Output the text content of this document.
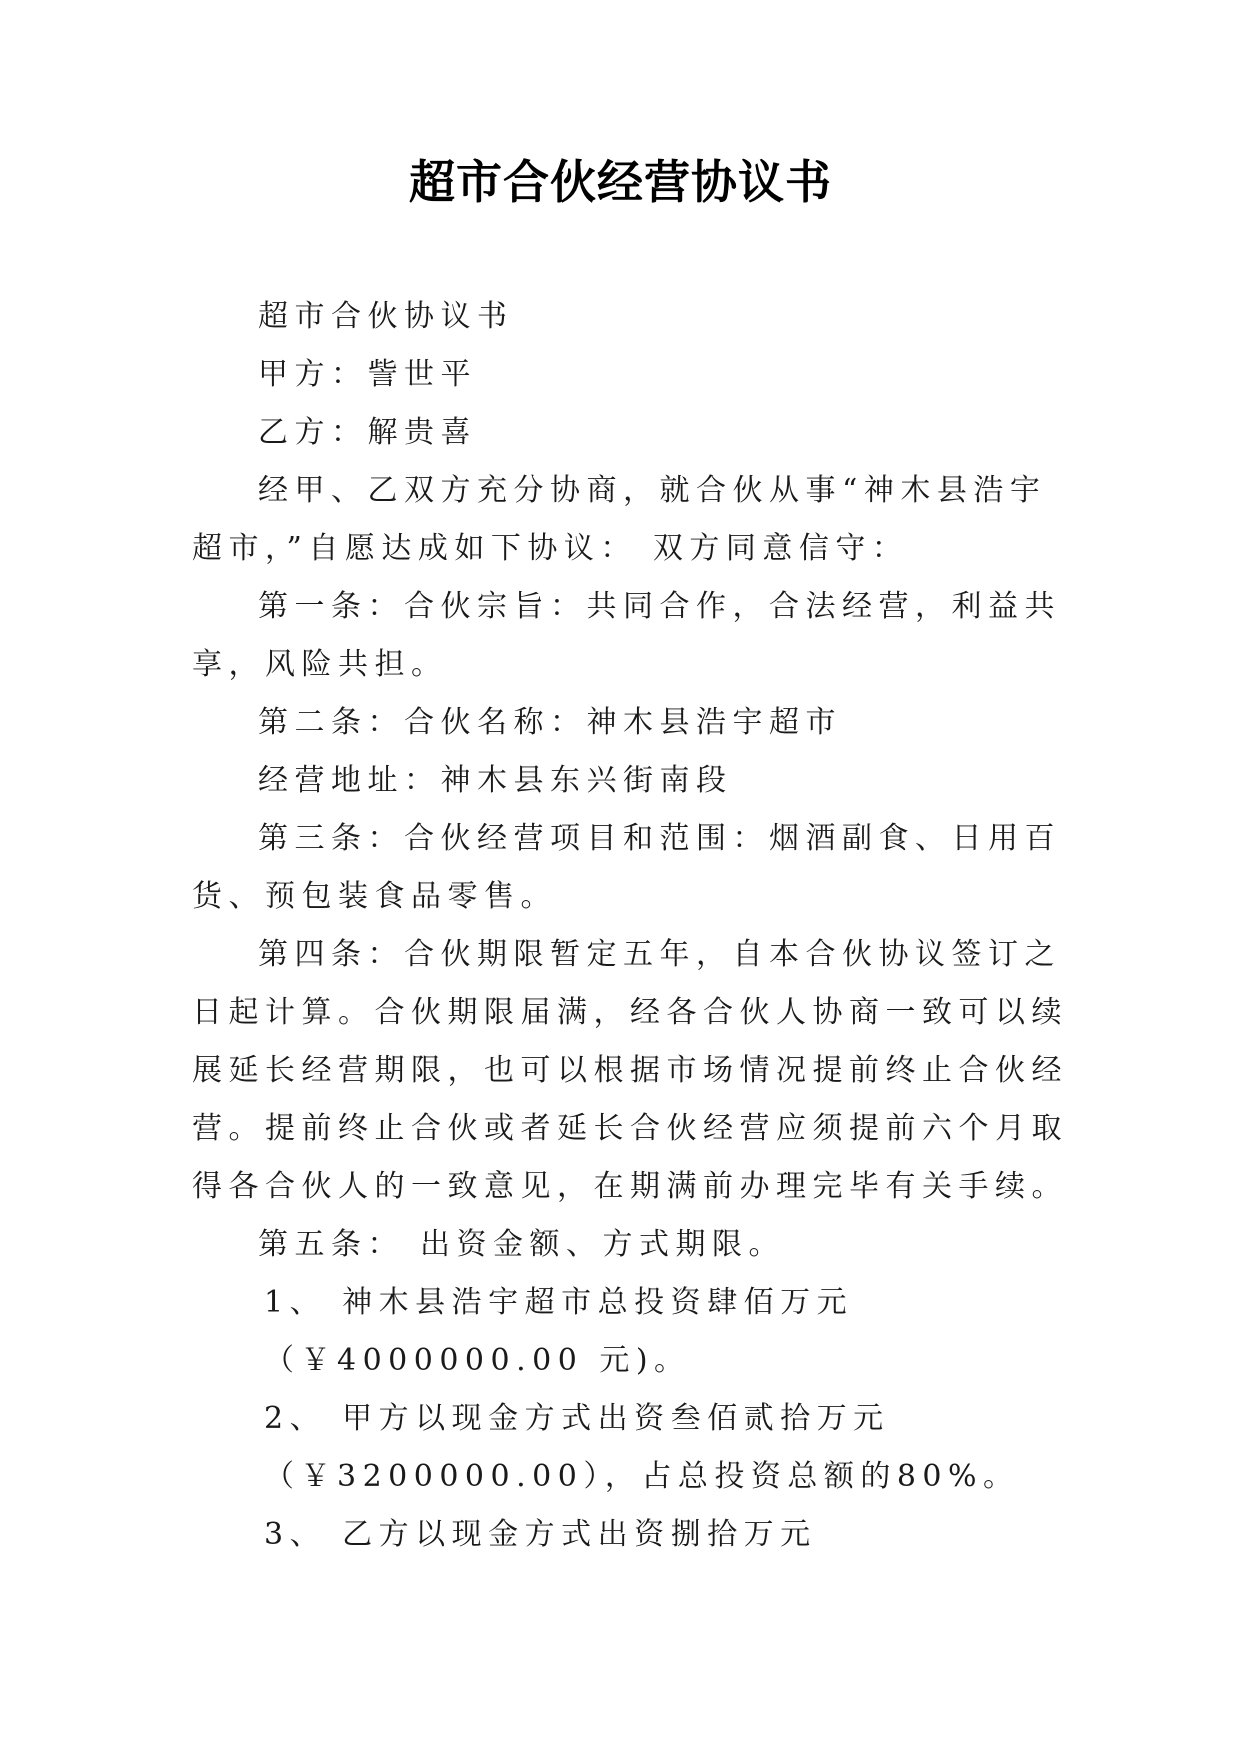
超市合伙经营协议书

超市合伙协议书

甲方：訾世平

乙方：解贵喜

经甲、乙双方充分协商，就合伙从事“神木县浩宇超市，”自愿达成如下协议： 双方同意信守：

第一条：合伙宗旨：共同合作，合法经营，利益共享，风险共担。

第二条：合伙名称：神木县浩宇超市

经营地址：神木县东兴街南段

第三条：合伙经营项目和范围：烟酒副食、日用百货、预包装食品零售。

第四条：合伙期限暂定五年，自本合伙协议签订之日起计算。合伙期限届满，经各合伙人协商一致可以续展延长经营期限，也可以根据市场情况提前终止合伙经营。提前终止合伙或者延长合伙经营应须提前六个月取得各合伙人的一致意见，在期满前办理完毕有关手续。

第五条： 出资金额、方式期限。

1、 神木县浩宇超市总投资肆佰万元

（￥4000000.00 元)。

2、 甲方以现金方式出资叁佰贰拾万元

（￥3200000.00），占总投资总额的80%。

3、 乙方以现金方式出资捌拾万元
